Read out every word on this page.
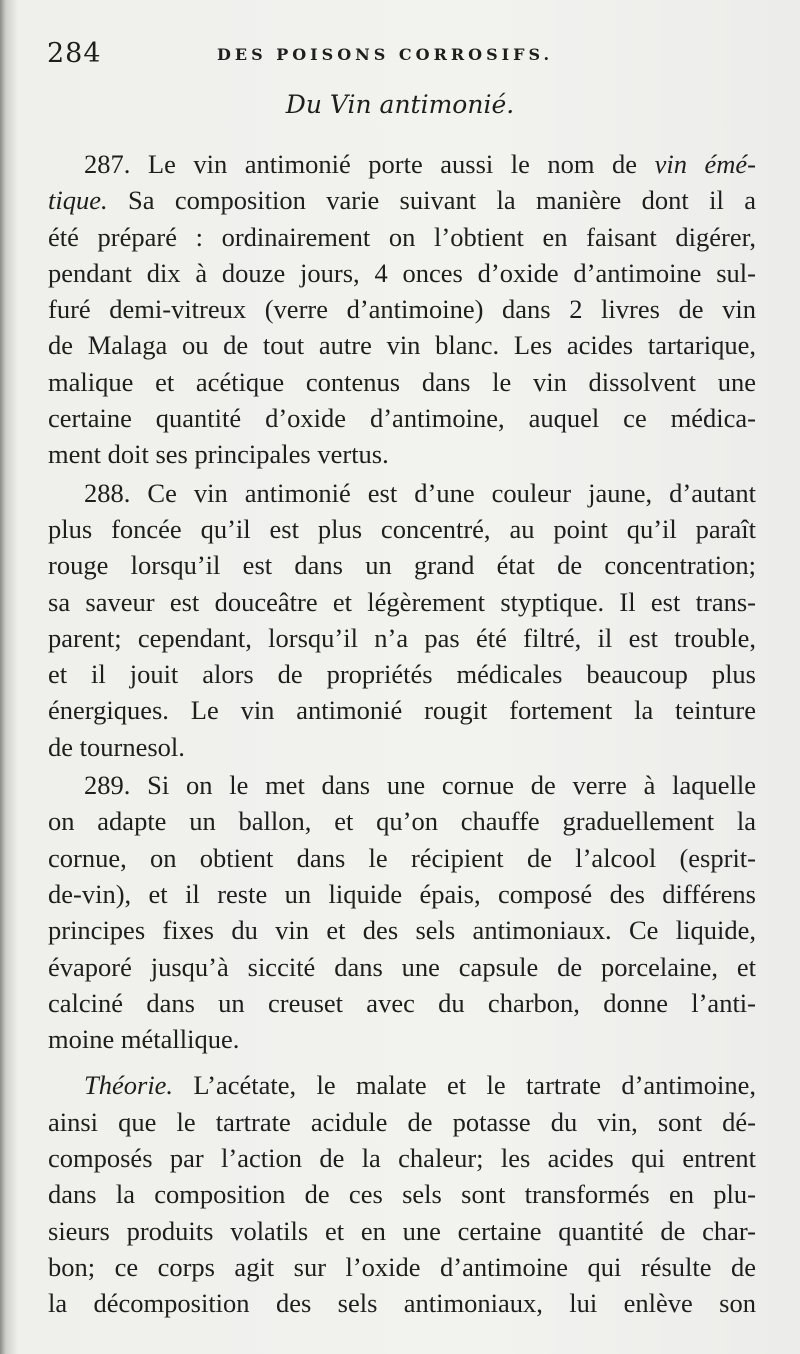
284	DES POISONS CORROSIFS.
Du Vin antimonié.
287. Le vin antimonié porte aussi le nom de vin émé-
tique. Sa composition varie suivant la manière dont il a
été préparé : ordinairement on l’obtient en faisant digérer,
pendant dix à douze jours, 4 onces d’oxide d’antimoine sul-
furé demi-vitreux (verre d’antimoine) dans 2 livres de vin
de Malaga ou de tout autre vin blanc. Les acides tartarique,
malique et acétique contenus dans le vin dissolvent une
certaine quantité d’oxide d’antimoine, auquel ce médica-
ment doit ses principales vertus.
288. Ce vin antimonié est d’une couleur jaune, d’autant
plus foncée qu’il est plus concentré, au point qu’il paraît
rouge lorsqu’il est dans un grand état de concentration;
sa saveur est douceâtre et légèrement styptique. Il est trans-
parent; cependant, lorsqu’il n’a pas été filtré, il est trouble,
et il jouit alors de propriétés médicales beaucoup plus
énergiques. Le vin antimonié rougit fortement la teinture
de tournesol.
289. Si on le met dans une cornue de verre à laquelle
on adapte un ballon, et qu’on chauffe graduellement la
cornue, on obtient dans le récipient de l’alcool (esprit-
de-vin), et il reste un liquide épais, composé des différens
principes fixes du vin et des sels antimoniaux. Ce liquide,
évaporé jusqu’à siccité dans une capsule de porcelaine, et
calciné dans un creuset avec du charbon, donne l’anti-
moine métallique.
Théorie. L’acétate, le malate et le tartrate d’antimoine,
ainsi que le tartrate acidule de potasse du vin, sont dé-
composés par l’action de la chaleur; les acides qui entrent
dans la composition de ces sels sont transformés en plu-
sieurs produits volatils et en une certaine quantité de char-
bon; ce corps agit sur l’oxide d’antimoine qui résulte de
la décomposition des sels antimoniaux, lui enlève son
